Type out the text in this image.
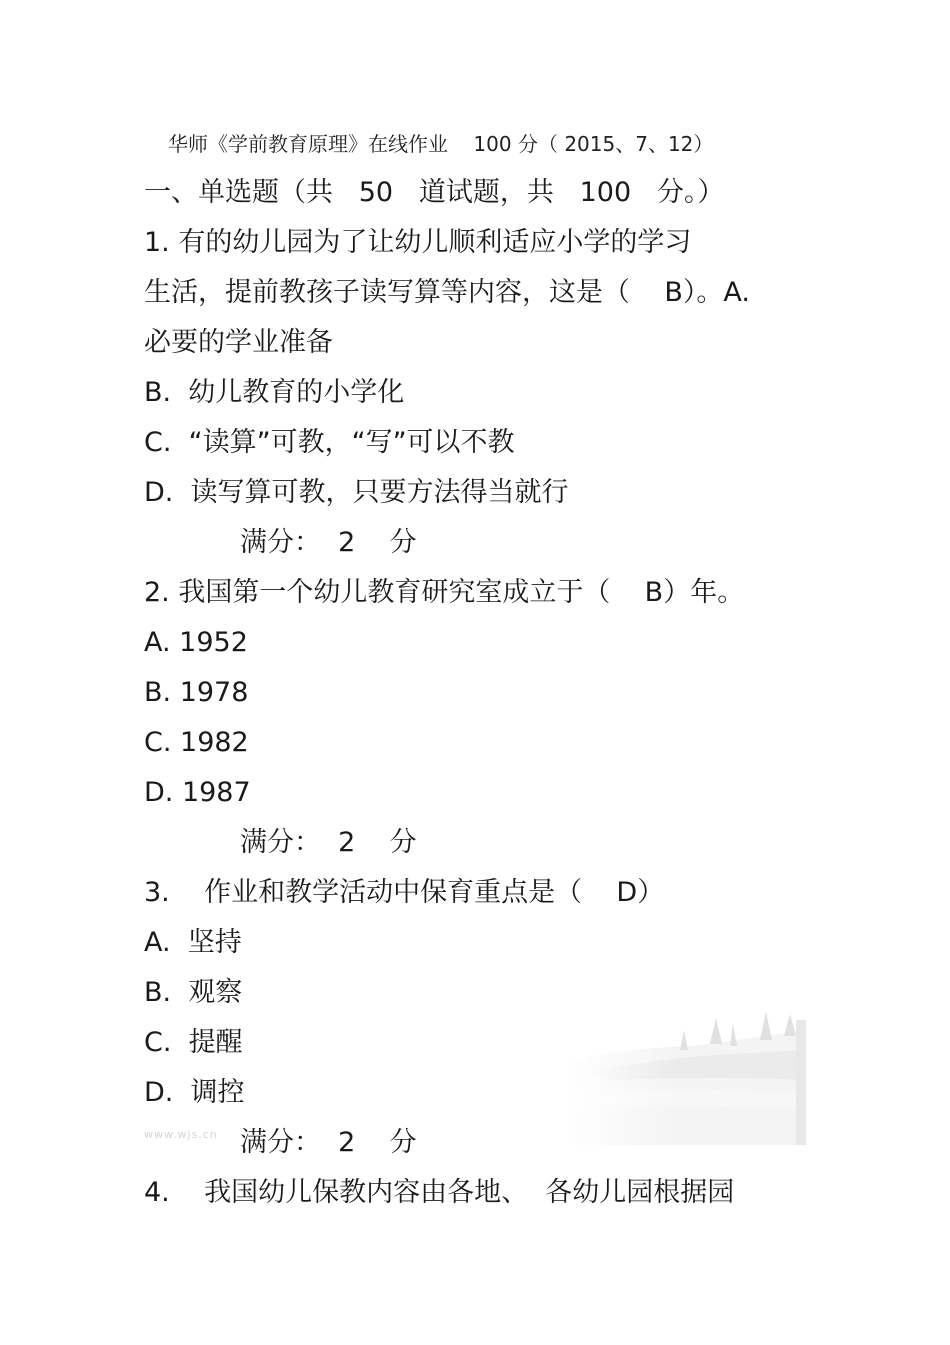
华师《学前教育原理》在线作业    100 分（ 2015、7、12）
一、单选题（共   50   道试题，共   100   分。）
1. 有的幼儿园为了让幼儿顺利适应小学的学习
生活，提前教孩子读写算等内容，这是（    B）。A.
必要的学业准备
B.  幼儿教育的小学化
C.  “读算”可教，“写”可以不教
D.  读写算可教，只要方法得当就行
满分：  2    分
2. 我国第一个幼儿教育研究室成立于（    B）年。
A. 1952
B. 1978
C. 1982
D. 1987
满分：  2    分
3.    作业和教学活动中保育重点是（    D）
A.  坚持
B.  观察
C.  提醒
D.  调控
www.wjs.cn 满分：  2    分
4.    我国幼儿保教内容由各地、  各幼儿园根据园
